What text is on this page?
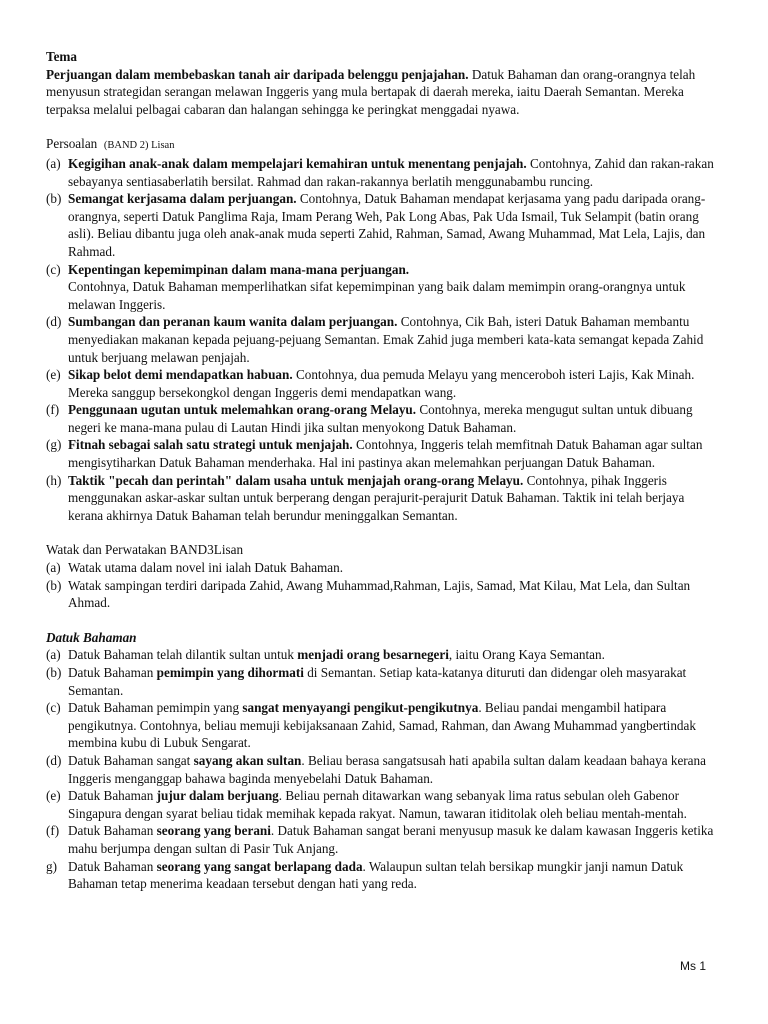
Tema

Perjuangan dalam membebaskan tanah air daripada belenggu penjajahan. Datuk Bahaman dan orang-orangnya telah menyusun strategidan serangan melawan Inggeris yang mula bertapak di daerah mereka, iaitu Daerah Semantan. Mereka terpaksa melalui pelbagai cabaran dan halangan sehingga ke peringkat menggadai nyawa.

Persoalan (BAND 2) Lisan

(a) Kegigihan anak-anak dalam mempelajari kemahiran untuk menentang penjajah. Contohnya, Zahid dan rakan-rakan sebayanya sentiasaberlatih bersilat. Rahmad dan rakan-rakannya berlatih menggunabambu runcing.
(b) Semangat kerjasama dalam perjuangan. Contohnya, Datuk Bahaman mendapat kerjasama yang padu daripada orang-orangnya, seperti Datuk Panglima Raja, Imam Perang Weh, Pak Long Abas, Pak Uda Ismail, Tuk Selampit (batin orang asli). Beliau dibantu juga oleh anak-anak muda seperti Zahid, Rahman, Samad, Awang Muhammad, Mat Lela, Lajis, dan Rahmad.
(c) Kepentingan kepemimpinan dalam mana-mana perjuangan.
Contohnya, Datuk Bahaman memperlihatkan sifat kepemimpinan yang baik dalam memimpin orang-orangnya untuk melawan Inggeris.
(d) Sumbangan dan peranan kaum wanita dalam perjuangan. Contohnya, Cik Bah, isteri Datuk Bahaman membantu menyediakan makanan kepada pejuang-pejuang Semantan. Emak Zahid juga memberi kata-kata semangat kepada Zahid untuk berjuang melawan penjajah.
(e) Sikap belot demi mendapatkan habuan. Contohnya, dua pemuda Melayu yang menceroboh isteri Lajis, Kak Minah. Mereka sanggup bersekongkol dengan Inggeris demi mendapatkan wang.
(f) Penggunaan ugutan untuk melemahkan orang-orang Melayu. Contohnya, mereka mengugut sultan untuk dibuang negeri ke mana-mana pulau di Lautan Hindi jika sultan menyokong Datuk Bahaman.
(g) Fitnah sebagai salah satu strategi untuk menjajah. Contohnya, Inggeris telah memfitnah Datuk Bahaman agar sultan mengisytiharkan Datuk Bahaman menderhaka. Hal ini pastinya akan melemahkan perjuangan Datuk Bahaman.
(h) Taktik "pecah dan perintah" dalam usaha untuk menjajah orang-orang Melayu. Contohnya, pihak Inggeris menggunakan askar-askar sultan untuk berperang dengan perajurit-perajurit Datuk Bahaman. Taktik ini telah berjaya kerana akhirnya Datuk Bahaman telah berundur meninggalkan Semantan.

Watak dan Perwatakan BAND3Lisan

(a) Watak utama dalam novel ini ialah Datuk Bahaman.
(b) Watak sampingan terdiri daripada Zahid, Awang Muhammad,Rahman, Lajis, Samad, Mat Kilau, Mat Lela, dan Sultan Ahmad.

Datuk Bahaman

(a) Datuk Bahaman telah dilantik sultan untuk menjadi orang besarnegeri, iaitu Orang Kaya Semantan.
(b) Datuk Bahaman pemimpin yang dihormati di Semantan. Setiap kata-katanya dituruti dan didengar oleh masyarakat Semantan.
(c) Datuk Bahaman pemimpin yang sangat menyayangi pengikut-pengikutnya. Beliau pandai mengambil hatipara pengikutnya. Contohnya, beliau memuji kebijaksanaan Zahid, Samad, Rahman, dan Awang Muhammad yangbertindak membina kubu di Lubuk Sengarat.
(d) Datuk Bahaman sangat sayang akan sultan. Beliau berasa sangatsusah hati apabila sultan dalam keadaan bahaya kerana Inggeris menganggap bahawa baginda menyebelahi Datuk Bahaman.
(e) Datuk Bahaman jujur dalam berjuang. Beliau pernah ditawarkan wang sebanyak lima ratus sebulan oleh Gabenor Singapura dengan syarat beliau tidak memihak kepada rakyat. Namun, tawaran itiditolak oleh beliau mentah-mentah.
(f) Datuk Bahaman seorang yang berani. Datuk Bahaman sangat berani menyusup masuk ke dalam kawasan Inggeris ketika mahu berjumpa dengan sultan di Pasir Tuk Anjang.
g) Datuk Bahaman seorang yang sangat berlapang dada. Walaupun sultan telah bersikap mungkir janji namun Datuk Bahaman tetap menerima keadaan tersebut dengan hati yang reda.
Ms 1
